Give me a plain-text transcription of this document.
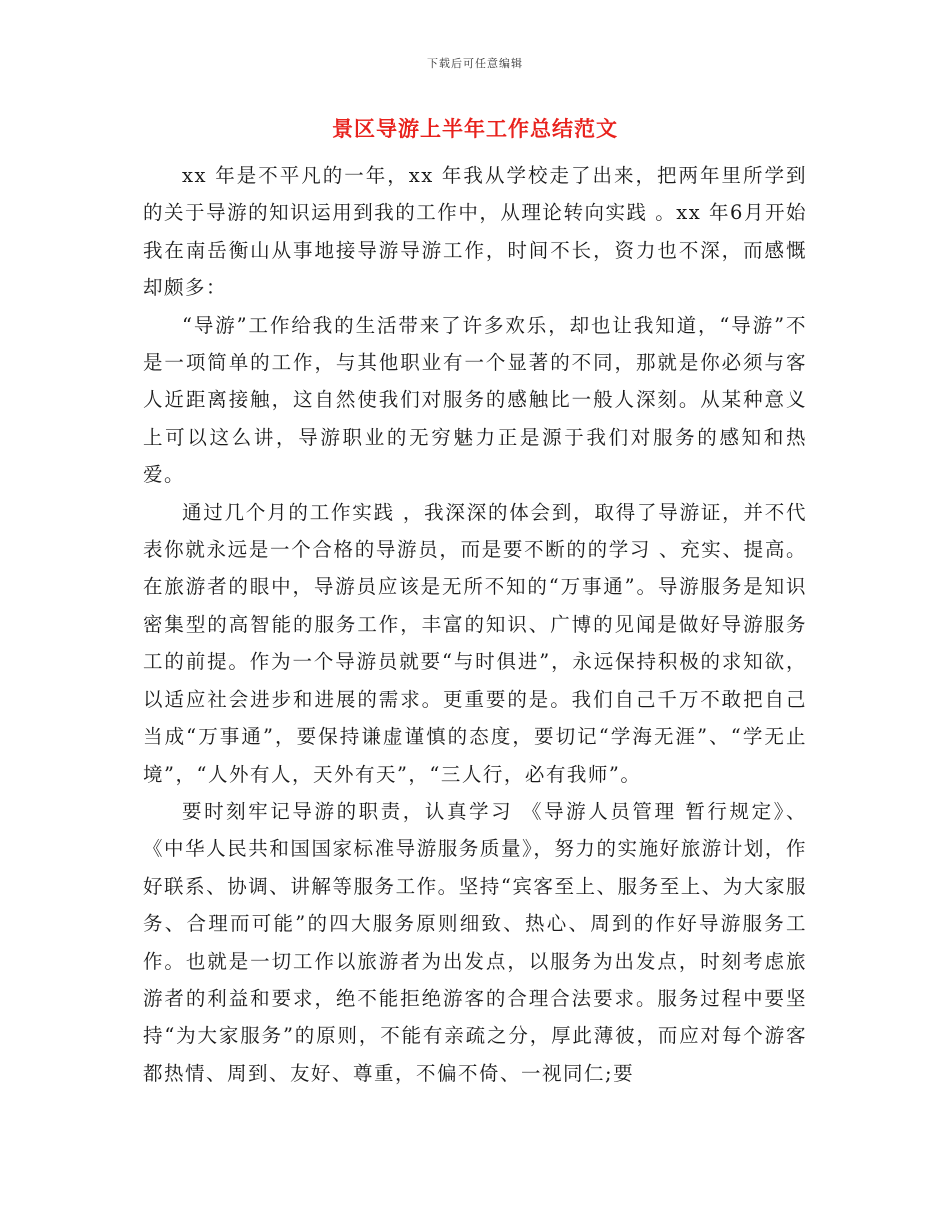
下载后可任意编辑
景区导游上半年工作总结范文

xx 年是不平凡的一年，xx 年我从学校走了出来，把两年里所学到的关于导游的知识运用到我的工作中，从理论转向实践 。xx 年6月开始我在南岳衡山从事地接导游导游工作，时间不长，资力也不深，而感慨却颇多：

“导游”工作给我的生活带来了许多欢乐，却也让我知道，“导游”不是一项简单的工作，与其他职业有一个显著的不同，那就是你必须与客人近距离接触，这自然使我们对服务的感触比一般人深刻。从某种意义上可以这么讲，导游职业的无穷魅力正是源于我们对服务的感知和热爱。

通过几个月的工作实践 ，我深深的体会到，取得了导游证，并不代表你就永远是一个合格的导游员，而是要不断的的学习 、充实、提高。在旅游者的眼中，导游员应该是无所不知的“万事通”。导游服务是知识密集型的高智能的服务工作，丰富的知识、广博的见闻是做好导游服务工的前提。作为一个导游员就要“与时俱进”，永远保持积极的求知欲，以适应社会进步和进展的需求。更重要的是。我们自己千万不敢把自己当成“万事通”，要保持谦虚谨慎的态度，要切记“学海无涯”、“学无止境”，“人外有人，天外有天”，“三人行，必有我师”。

要时刻牢记导游的职责，认真学习 《导游人员管理 暂行规定》、《中华人民共和国国家标准导游服务质量》，努力的实施好旅游计划，作好联系、协调、讲解等服务工作。坚持“宾客至上、服务至上、为大家服务、合理而可能”的四大服务原则细致、热心、周到的作好导游服务工作。也就是一切工作以旅游者为出发点，以服务为出发点，时刻考虑旅游者的利益和要求，绝不能拒绝游客的合理合法要求。服务过程中要坚持“为大家服务”的原则，不能有亲疏之分，厚此薄彼，而应对每个游客都热情、周到、友好、尊重，不偏不倚、一视同仁;要
